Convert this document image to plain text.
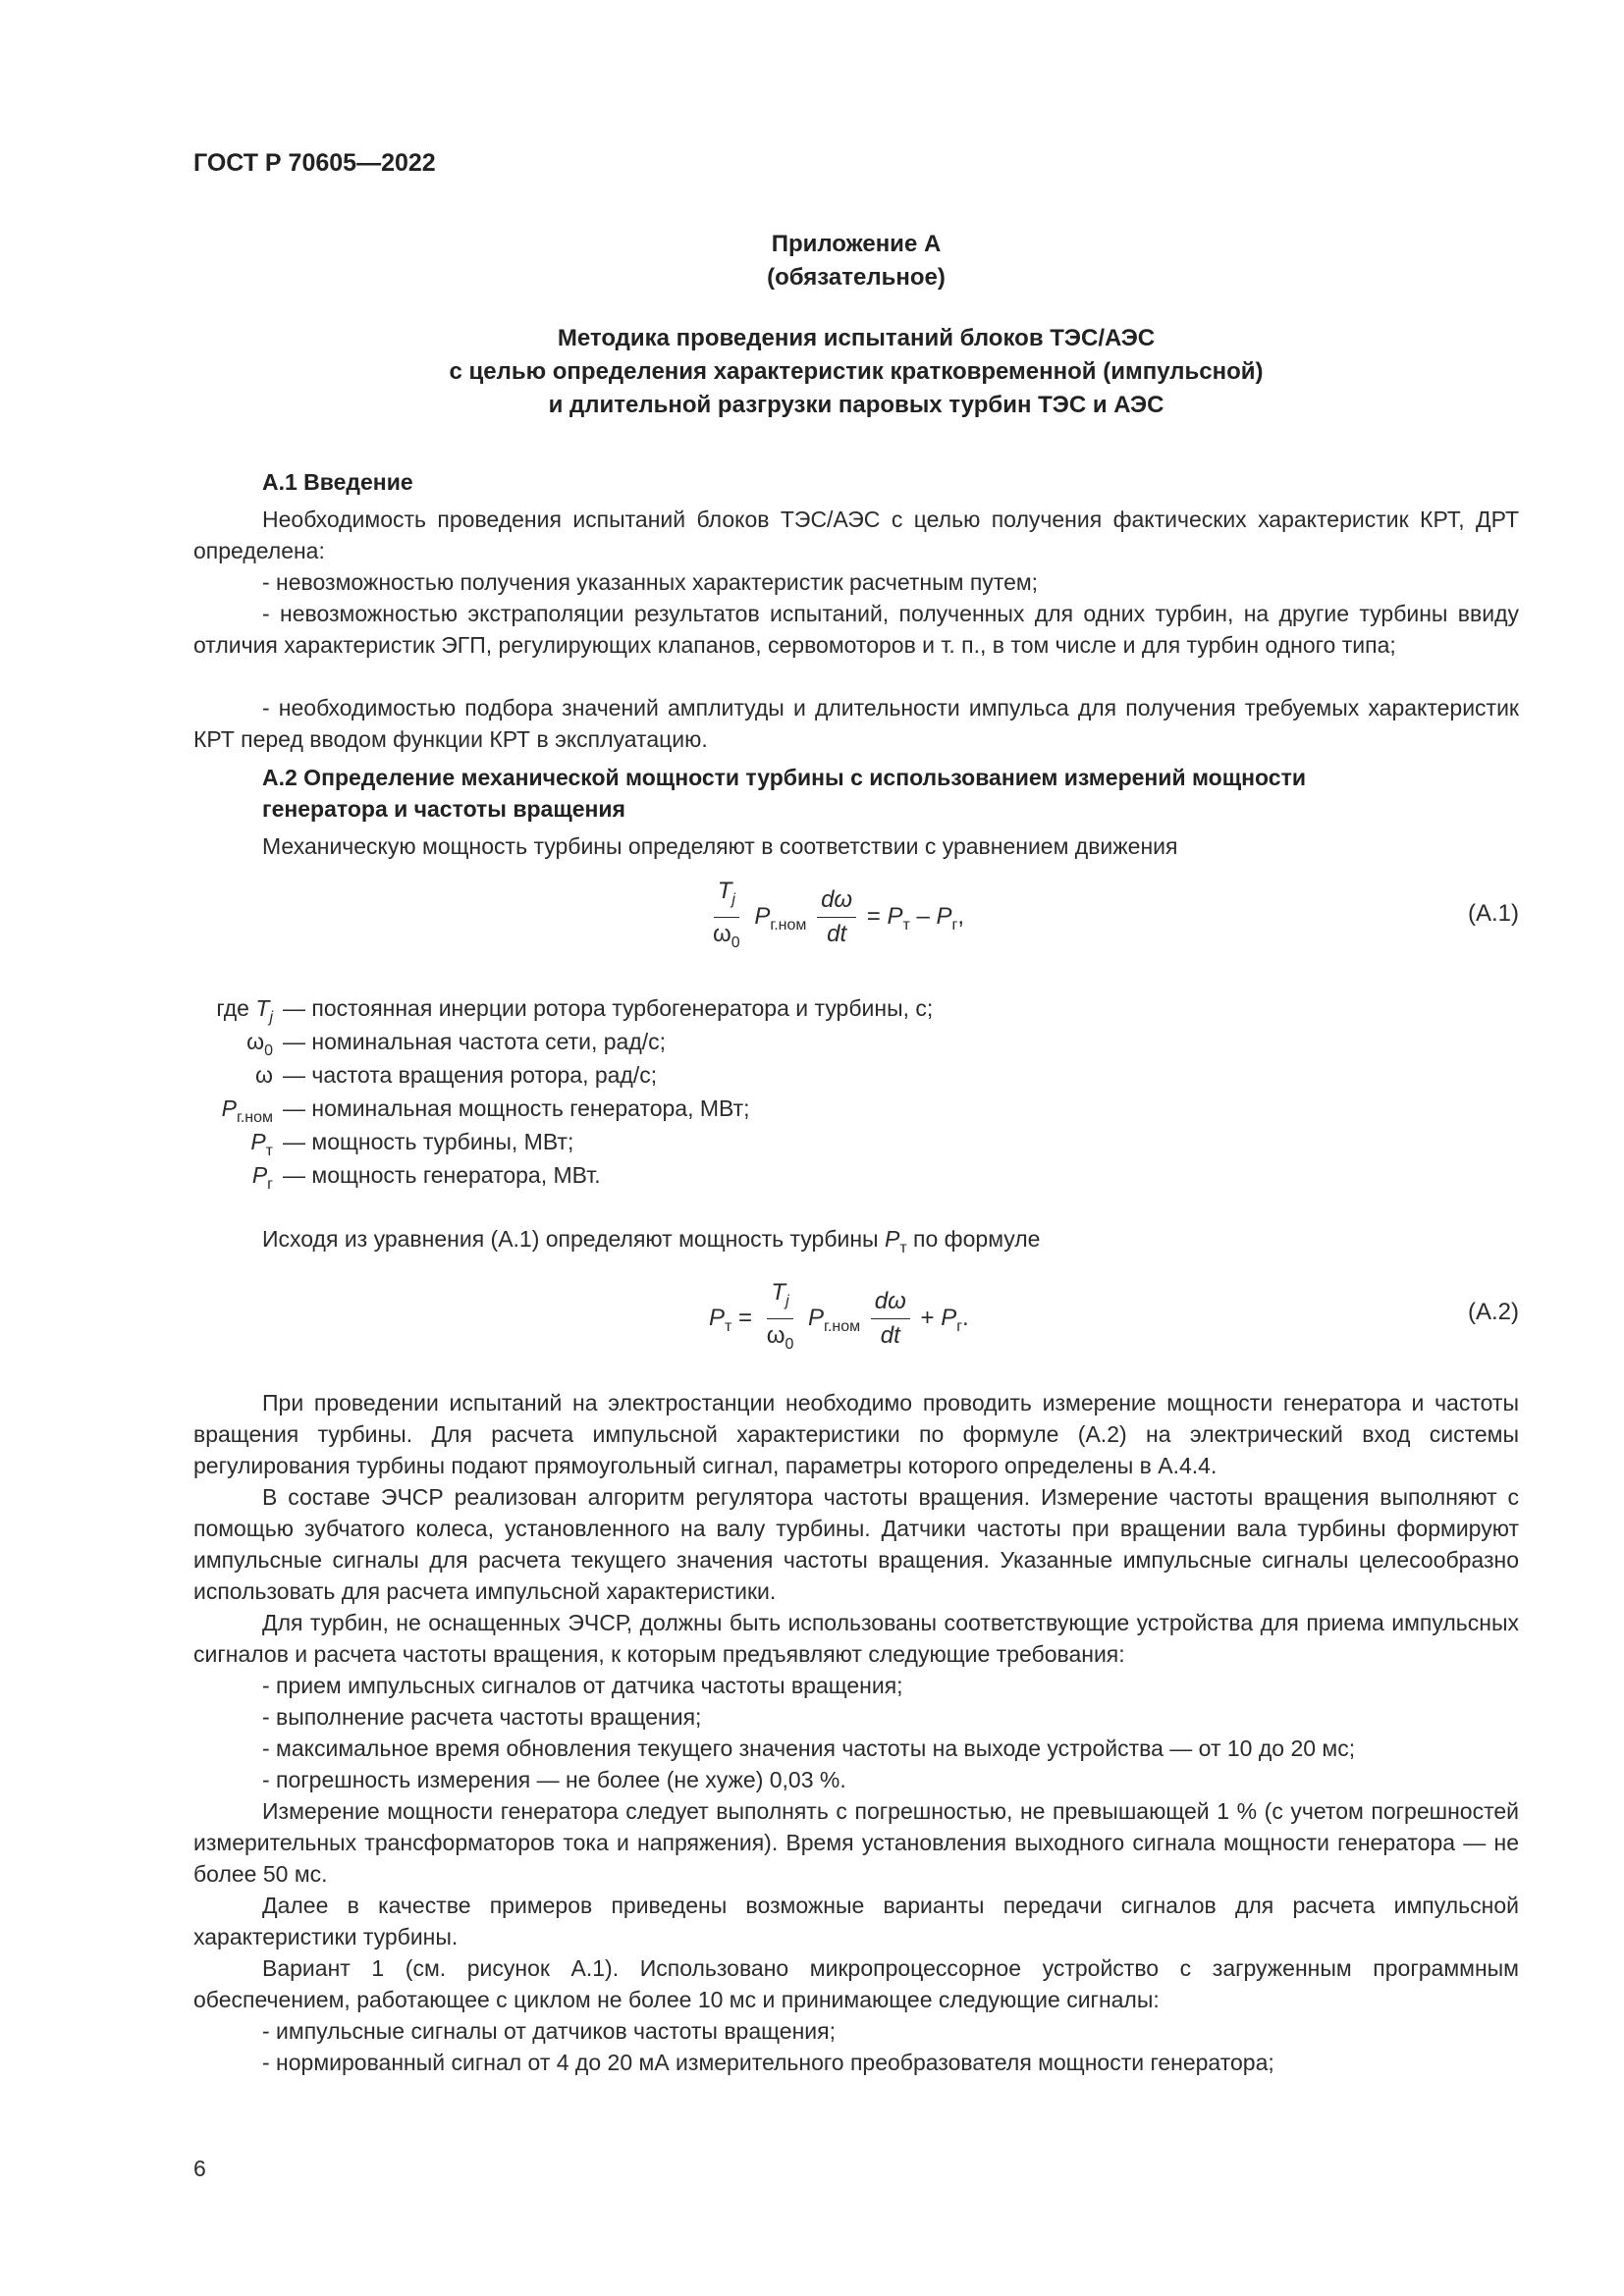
ГОСТ Р 70605—2022
Приложение А
(обязательное)
Методика проведения испытаний блоков ТЭС/АЭС
с целью определения характеристик кратковременной (импульсной)
и длительной разгрузки паровых турбин ТЭС и АЭС
А.1 Введение
Необходимость проведения испытаний блоков ТЭС/АЭС с целью получения фактических характеристик КРТ, ДРТ определена:
- невозможностью получения указанных характеристик расчетным путем;
- невозможностью экстраполяции результатов испытаний, полученных для одних турбин, на другие турбины ввиду отличия характеристик ЭГП, регулирующих клапанов, сервомоторов и т. п., в том числе и для турбин одного типа;
- необходимостью подбора значений амплитуды и длительности импульса для получения требуемых характеристик КРТ перед вводом функции КРТ в эксплуатацию.
А.2 Определение механической мощности турбины с использованием измерений мощности
генератора и частоты вращения
Механическую мощность турбины определяют в соответствии с уравнением движения
$\frac{T_j}{\omega_0} P_{г.ном} \frac{d\omega}{dt} = P_т - P_г$,	(А.1)
где $T_j$ — постоянная инерции ротора турбогенератора и турбины, с;
$\omega_0$ — номинальная частота сети, рад/с;
ω — частота вращения ротора, рад/с;
$P_{г.ном}$ — номинальная мощность генератора, МВт;
$P_т$ — мощность турбины, МВт;
$P_г$ — мощность генератора, МВт.
Исходя из уравнения (А.1) определяют мощность турбины $P_т$ по формуле
$P_т = \frac{T_j}{\omega_0} P_{г.ном} \frac{d\omega}{dt} + P_г$.	(А.2)
При проведении испытаний на электростанции необходимо проводить измерение мощности генератора и частоты вращения турбины. Для расчета импульсной характеристики по формуле (А.2) на электрический вход системы регулирования турбины подают прямоугольный сигнал, параметры которого определены в А.4.4.
В составе ЭЧСР реализован алгоритм регулятора частоты вращения. Измерение частоты вращения выполняют с помощью зубчатого колеса, установленного на валу турбины. Датчики частоты при вращении вала турбины формируют импульсные сигналы для расчета текущего значения частоты вращения. Указанные импульсные сигналы целесообразно использовать для расчета импульсной характеристики.
Для турбин, не оснащенных ЭЧСР, должны быть использованы соответствующие устройства для приема импульсных сигналов и расчета частоты вращения, к которым предъявляют следующие требования:
- прием импульсных сигналов от датчика частоты вращения;
- выполнение расчета частоты вращения;
- максимальное время обновления текущего значения частоты на выходе устройства — от 10 до 20 мс;
- погрешность измерения — не более (не хуже) 0,03 %.
Измерение мощности генератора следует выполнять с погрешностью, не превышающей 1 % (с учетом погрешностей измерительных трансформаторов тока и напряжения). Время установления выходного сигнала мощности генератора — не более 50 мс.
Далее в качестве примеров приведены возможные варианты передачи сигналов для расчета импульсной характеристики турбины.
Вариант 1 (см. рисунок А.1). Использовано микропроцессорное устройство с загруженным программным обеспечением, работающее с циклом не более 10 мс и принимающее следующие сигналы:
- импульсные сигналы от датчиков частоты вращения;
- нормированный сигнал от 4 до 20 мА измерительного преобразователя мощности генератора;
6
